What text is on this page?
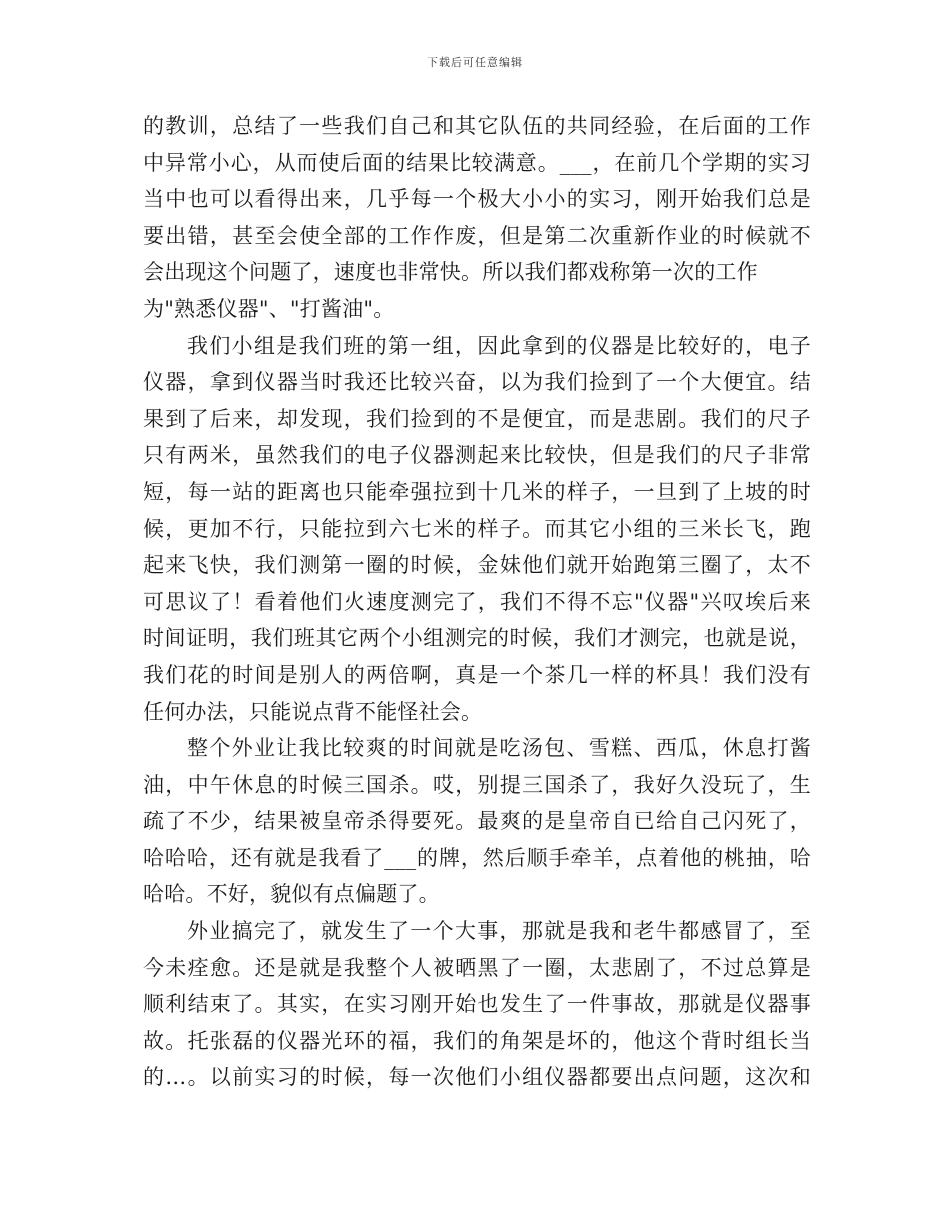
下载后可任意编辑
的教训，总结了一些我们自己和其它队伍的共同经验，在后面的工作
中异常小心，从而使后面的结果比较满意。___，在前几个学期的实习
当中也可以看得出来，几乎每一个极大小小的实习，刚开始我们总是
要出错，甚至会使全部的工作作废，但是第二次重新作业的时候就不
会出现这个问题了，速度也非常快。所以我们都戏称第一次的工作
为"熟悉仪器"、"打酱油"。
我们小组是我们班的第一组，因此拿到的仪器是比较好的，电子
仪器，拿到仪器当时我还比较兴奋，以为我们捡到了一个大便宜。结
果到了后来，却发现，我们捡到的不是便宜，而是悲剧。我们的尺子
只有两米，虽然我们的电子仪器测起来比较快，但是我们的尺子非常
短，每一站的距离也只能牵强拉到十几米的样子，一旦到了上坡的时
候，更加不行，只能拉到六七米的样子。而其它小组的三米长飞，跑
起来飞快，我们测第一圈的时候，金妹他们就开始跑第三圈了，太不
可思议了！看着他们火速度测完了，我们不得不忘"仪器"兴叹埃后来
时间证明，我们班其它两个小组测完的时候，我们才测完，也就是说，
我们花的时间是别人的两倍啊，真是一个茶几一样的杯具！我们没有
任何办法，只能说点背不能怪社会。
整个外业让我比较爽的时间就是吃汤包、雪糕、西瓜，休息打酱
油，中午休息的时候三国杀。哎，别提三国杀了，我好久没玩了，生
疏了不少，结果被皇帝杀得要死。最爽的是皇帝自已给自己闪死了，
哈哈哈，还有就是我看了___的牌，然后顺手牵羊，点着他的桃抽，哈
哈哈。不好，貌似有点偏题了。
外业搞完了，就发生了一个大事，那就是我和老牛都感冒了，至
今未痊愈。还是就是我整个人被晒黑了一圈，太悲剧了，不过总算是
顺利结束了。其实，在实习刚开始也发生了一件事故，那就是仪器事
故。托张磊的仪器光环的福，我们的角架是坏的，他这个背时组长当
的…。以前实习的时候，每一次他们小组仪器都要出点问题，这次和
